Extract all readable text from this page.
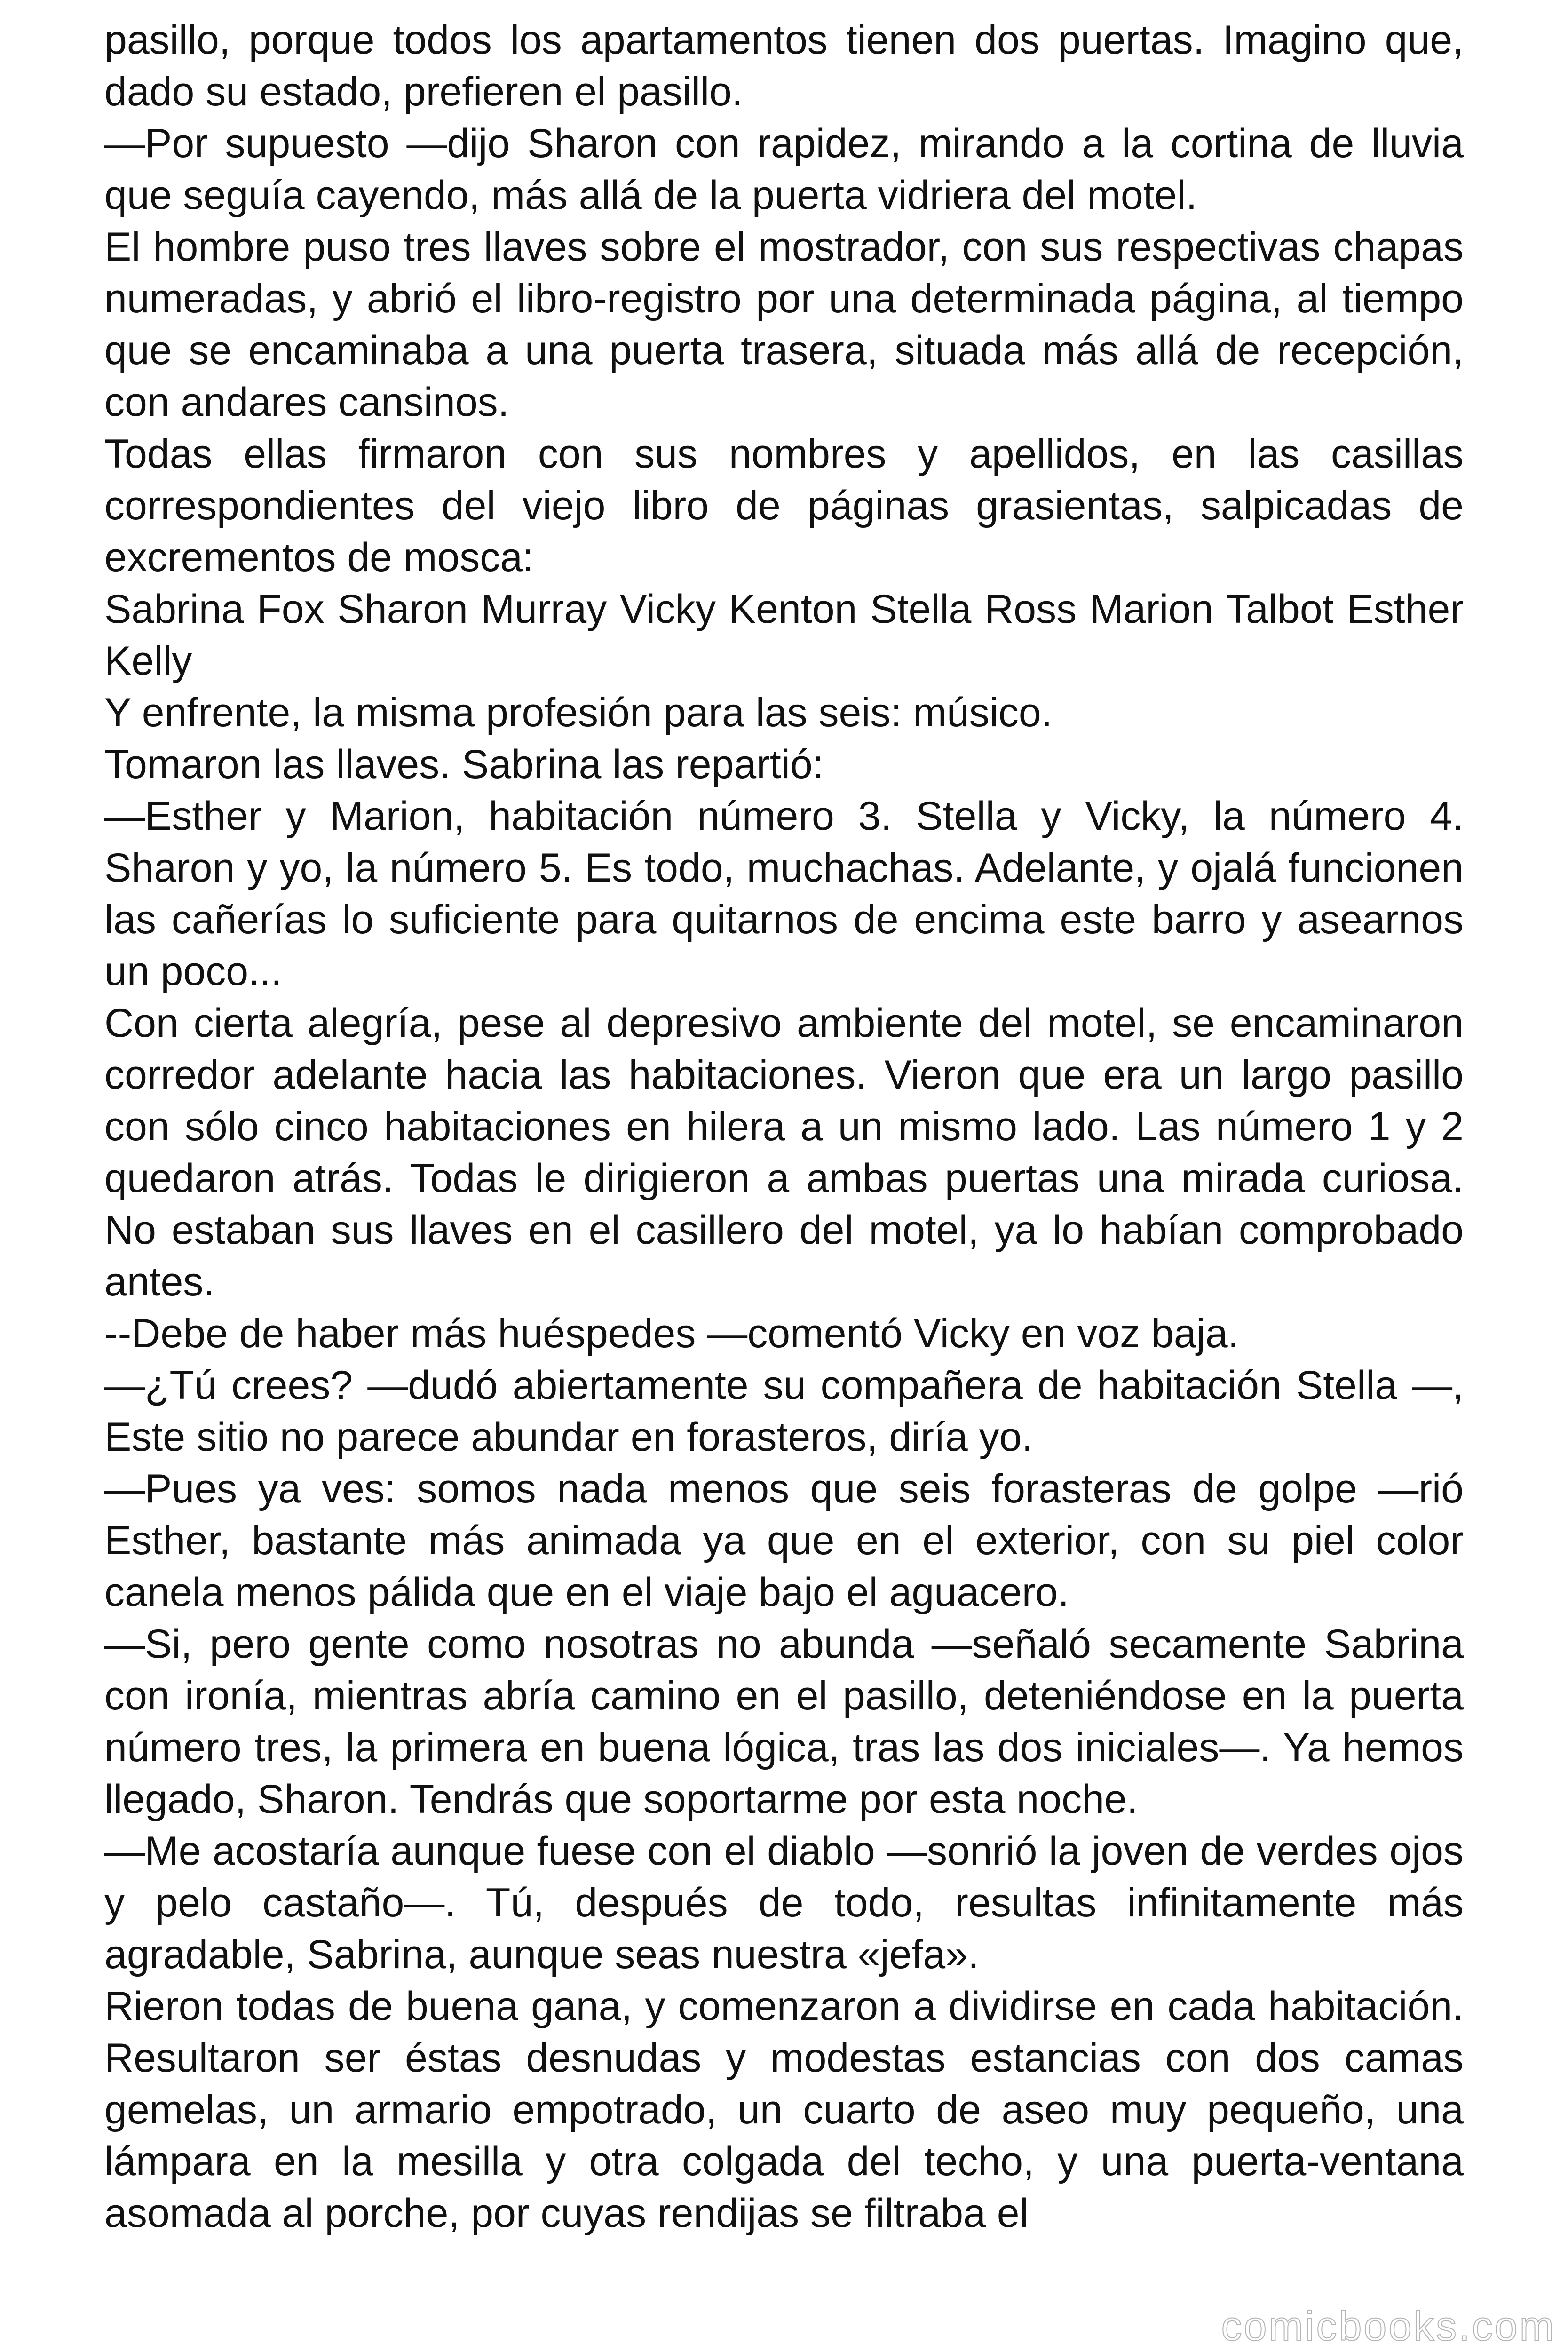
pasillo, porque todos los apartamentos tienen dos puertas. Imagino que, dado su estado, prefieren el pasillo.

—Por supuesto —dijo Sharon con rapidez, mirando a la cortina de lluvia que seguía cayendo, más allá de la puerta vidriera del motel.

El hombre puso tres llaves sobre el mostrador, con sus respectivas chapas numeradas, y abrió el libro-registro por una determinada página, al tiempo que se encaminaba a una puerta trasera, situada más allá de recepción, con andares cansinos.

Todas ellas firmaron con sus nombres y apellidos, en las casillas correspondientes del viejo libro de páginas grasientas, salpicadas de excrementos de mosca:

Sabrina Fox Sharon Murray Vicky Kenton Stella Ross Marion Talbot Esther Kelly

Y enfrente, la misma profesión para las seis: músico.

Tomaron las llaves. Sabrina las repartió:

—Esther y Marion, habitación número 3. Stella y Vicky, la número 4. Sharon y yo, la número 5. Es todo, muchachas. Adelante, y ojalá funcionen las cañerías lo suficiente para quitarnos de encima este barro y asearnos un poco...

Con cierta alegría, pese al depresivo ambiente del motel, se encaminaron corredor adelante hacia las habitaciones. Vieron que era un largo pasillo con sólo cinco habitaciones en hilera a un mismo lado. Las número 1 y 2 quedaron atrás. Todas le dirigieron a ambas puertas una mirada curiosa. No estaban sus llaves en el casillero del motel, ya lo habían comprobado antes.

--Debe de haber más huéspedes —comentó Vicky en voz baja.

—¿Tú crees? —dudó abiertamente su compañera de habitación Stella —, Este sitio no parece abundar en forasteros, diría yo.

—Pues ya ves: somos nada menos que seis forasteras de golpe —rió Esther, bastante más animada ya que en el exterior, con su piel color canela menos pálida que en el viaje bajo el aguacero.

—Si, pero gente como nosotras no abunda —señaló secamente Sabrina con ironía, mientras abría camino en el pasillo, deteniéndose en la puerta número tres, la primera en buena lógica, tras las dos iniciales—. Ya hemos llegado, Sharon. Tendrás que soportarme por esta noche.

—Me acostaría aunque fuese con el diablo —sonrió la joven de verdes ojos y pelo castaño—. Tú, después de todo, resultas infinitamente más agradable, Sabrina, aunque seas nuestra «jefa».

Rieron todas de buena gana, y comenzaron a dividirse en cada habitación. Resultaron ser éstas desnudas y modestas estancias con dos camas gemelas, un armario empotrado, un cuarto de aseo muy pequeño, una lámpara en la mesilla y otra colgada del techo, y una puerta-ventana asomada al porche, por cuyas rendijas se filtraba el

comicbooks.com
